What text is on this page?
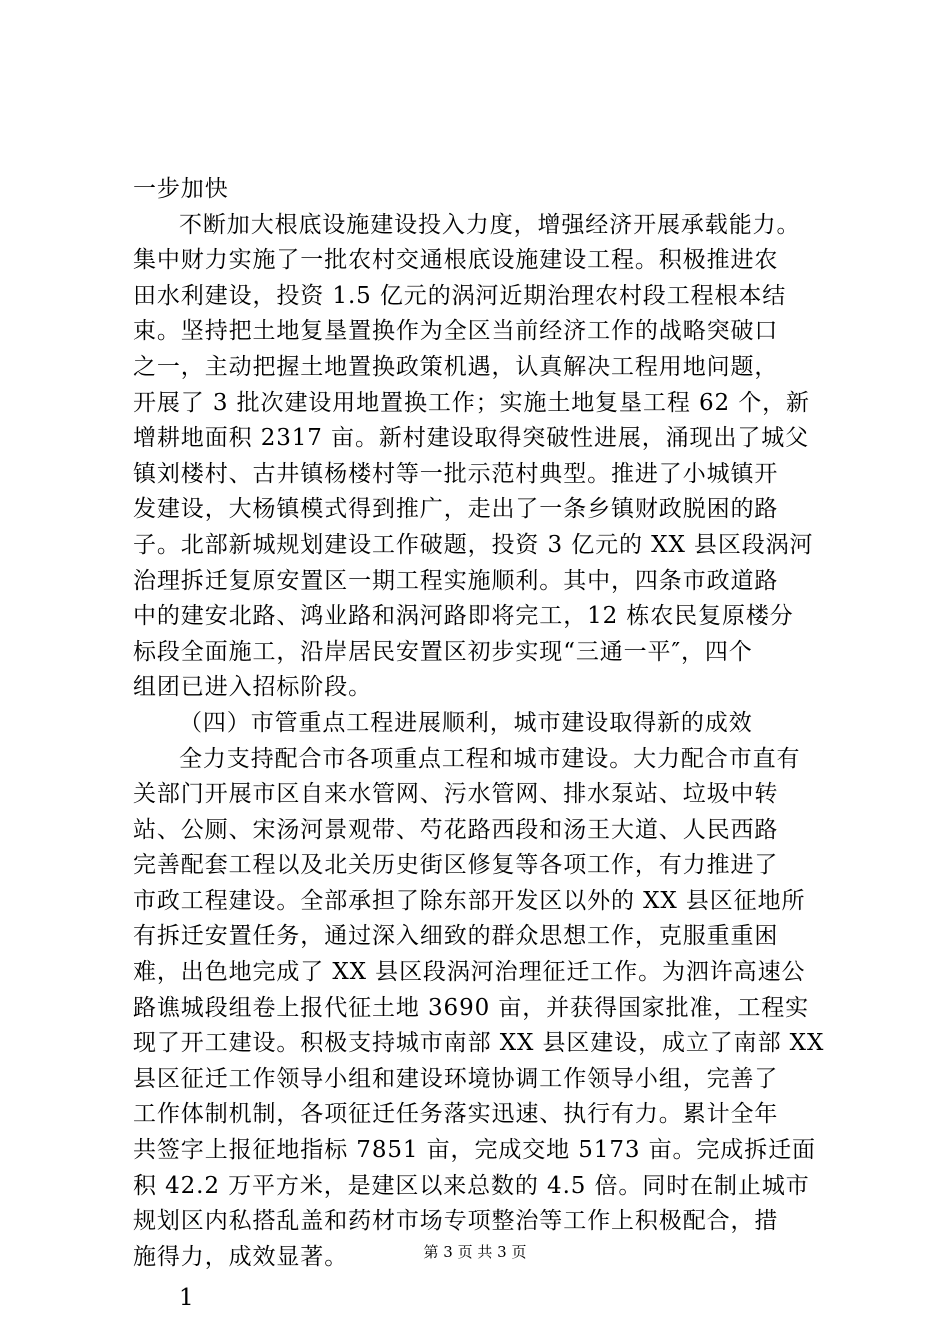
一步加快
不断加大根底设施建设投入力度，增强经济开展承载能力。
集中财力实施了一批农村交通根底设施建设工程。积极推进农
田水利建设，投资 1.5 亿元的涡河近期治理农村段工程根本结
束。坚持把土地复垦置换作为全区当前经济工作的战略突破口
之一，主动把握土地置换政策机遇，认真解决工程用地问题，
开展了 3 批次建设用地置换工作；实施土地复垦工程 62 个，新
增耕地面积 2317 亩。新村建设取得突破性进展，涌现出了城父
镇刘楼村、古井镇杨楼村等一批示范村典型。推进了小城镇开
发建设，大杨镇模式得到推广，走出了一条乡镇财政脱困的路
子。北部新城规划建设工作破题，投资 3 亿元的 XX 县区段涡河
治理拆迁复原安置区一期工程实施顺利。其中，四条市政道路
中的建安北路、鸿业路和涡河路即将完工，12 栋农民复原楼分
标段全面施工，沿岸居民安置区初步实现“三通一平″，四个
组团已进入招标阶段。
（四）市管重点工程进展顺利，城市建设取得新的成效
全力支持配合市各项重点工程和城市建设。大力配合市直有
关部门开展市区自来水管网、污水管网、排水泵站、垃圾中转
站、公厕、宋汤河景观带、芍花路西段和汤王大道、人民西路
完善配套工程以及北关历史街区修复等各项工作，有力推进了
市政工程建设。全部承担了除东部开发区以外的 XX 县区征地所
有拆迁安置任务，通过深入细致的群众思想工作，克服重重困
难，出色地完成了 XX 县区段涡河治理征迁工作。为泗许高速公
路谯城段组卷上报代征土地 3690 亩，并获得国家批准，工程实
现了开工建设。积极支持城市南部 XX 县区建设，成立了南部 XX
县区征迁工作领导小组和建设环境协调工作领导小组，完善了
工作体制机制，各项征迁任务落实迅速、执行有力。累计全年
共签字上报征地指标 7851 亩，完成交地 5173 亩。完成拆迁面
积 42.2 万平方米，是建区以来总数的 4.5 倍。同时在制止城市
规划区内私搭乱盖和药材市场专项整治等工作上积极配合，措
施得力，成效显著。
1
第 3 页 共 3 页
